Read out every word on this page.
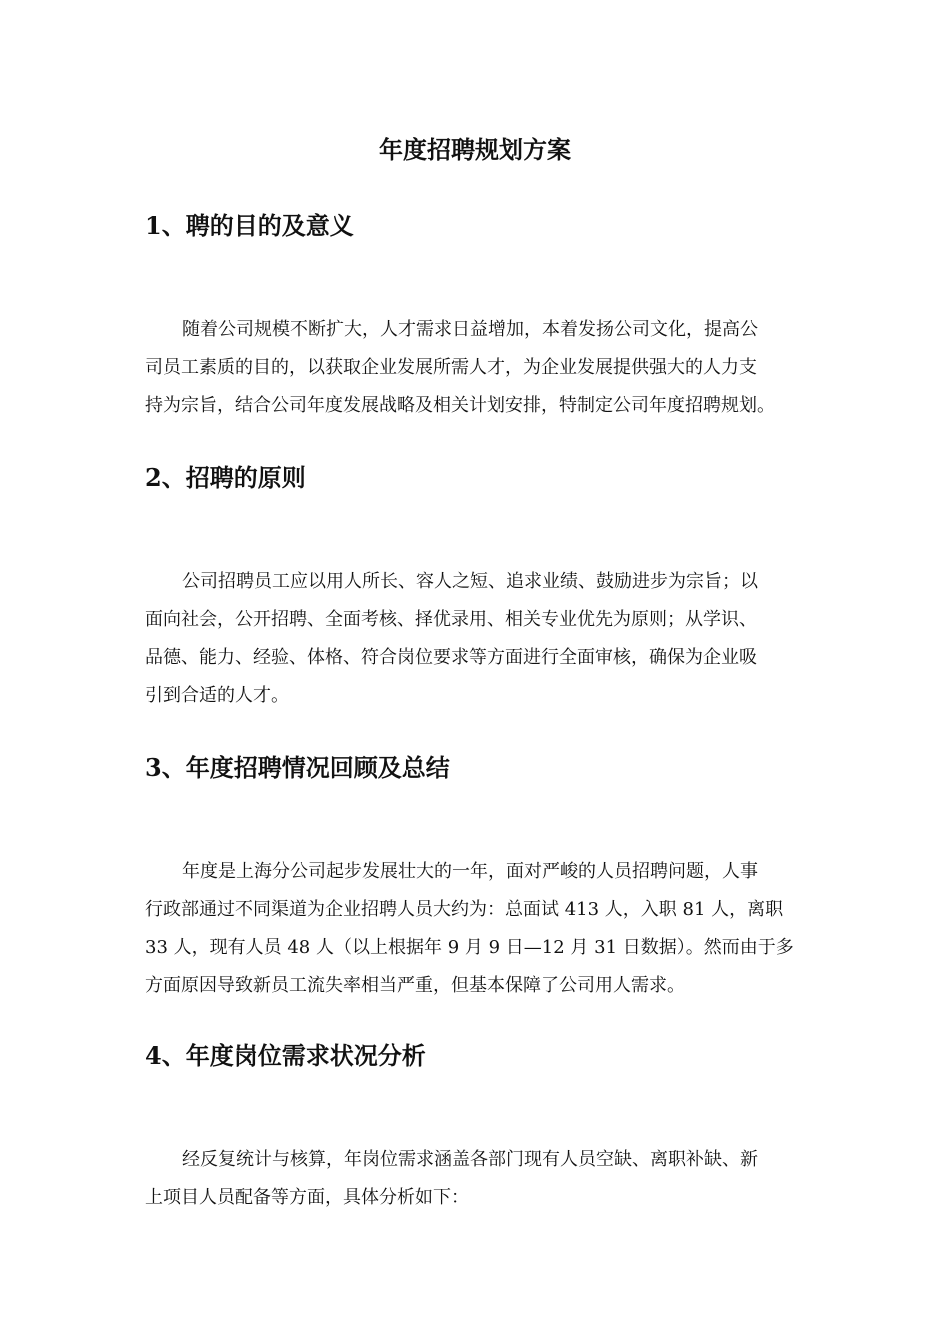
年度招聘规划方案
1、聘的目的及意义
随着公司规模不断扩大，人才需求日益增加，本着发扬公司文化，提高公
司员工素质的目的，以获取企业发展所需人才，为企业发展提供强大的人力支
持为宗旨，结合公司年度发展战略及相关计划安排，特制定公司年度招聘规划。
2、招聘的原则
公司招聘员工应以用人所长、容人之短、追求业绩、鼓励进步为宗旨；以
面向社会，公开招聘、全面考核、择优录用、相关专业优先为原则；从学识、
品德、能力、经验、体格、符合岗位要求等方面进行全面审核，确保为企业吸
引到合适的人才。
3、年度招聘情况回顾及总结
年度是上海分公司起步发展壮大的一年，面对严峻的人员招聘问题，人事
行政部通过不同渠道为企业招聘人员大约为：总面试 413 人，入职 81 人，离职
33 人，现有人员 48 人（以上根据年 9 月 9 日—12 月 31 日数据）。然而由于多
方面原因导致新员工流失率相当严重，但基本保障了公司用人需求。
4、年度岗位需求状况分析
经反复统计与核算，年岗位需求涵盖各部门现有人员空缺、离职补缺、新
上项目人员配备等方面，具体分析如下：
